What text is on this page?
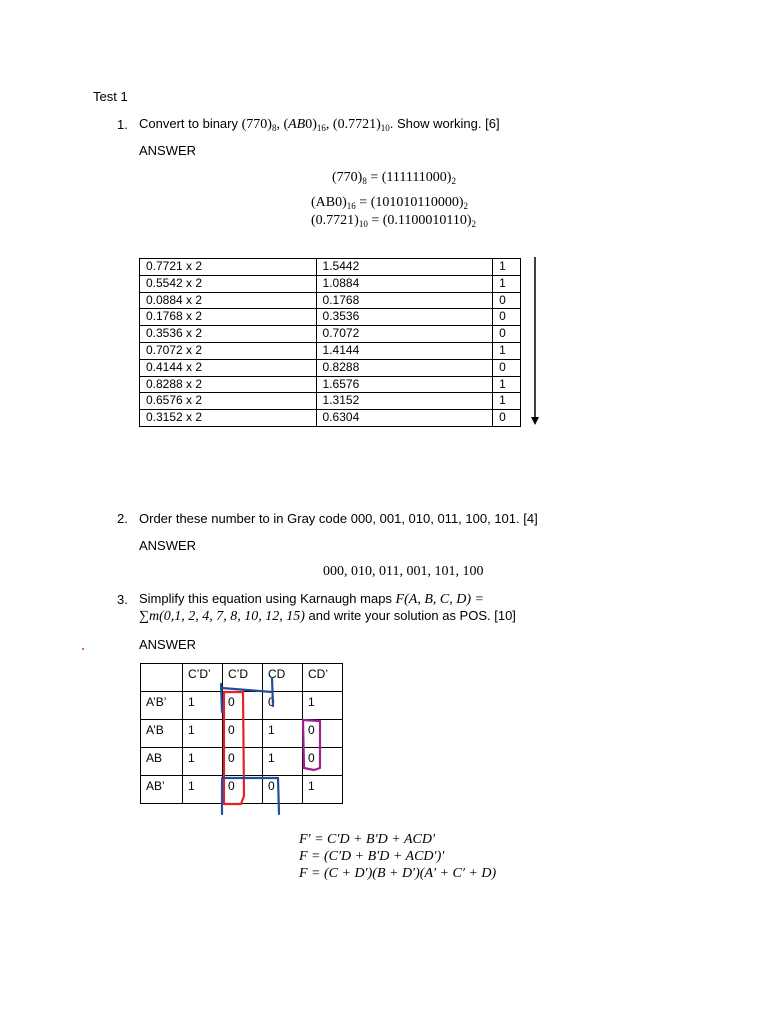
Test 1
1. Convert to binary $(770)_8$, $(AB0)_{16}$, $(0.7721)_{10}$. Show working. [6]
ANSWER
$(770)_8 = (111111000)_2$
$(AB0)_{16} = (101010110000)_2$
$(0.7721)_{10} = (0.1100010110)_2$
0.7721 x 2	1.5442	1
0.5542 x 2	1.0884	1
0.0884 x 2	0.1768	0
0.1768 x 2	0.3536	0
0.3536 x 2	0.7072	0
0.7072 x 2	1.4144	1
0.4144 x 2	0.8288	0
0.8288 x 2	1.6576	1
0.6576 x 2	1.3152	1
0.3152 x 2	0.6304	0
2. Order these number to in Gray code 000, 001, 010, 011, 100, 101. [4]
ANSWER
000, 010, 011, 001, 101, 100
3. Simplify this equation using Karnaugh maps F(A, B, C, D) =
∑m(0,1, 2, 4, 7, 8, 10, 12, 15) and write your solution as POS. [10]
ANSWER
	C’D’	C’D	CD	CD’
A’B’	1	0	0	1
A’B	1	0	1	0
AB	1	0	1	0
AB’	1	0	0	1
F′ = C′D + B′D + ACD′
F = (C′D + B′D + ACD′)′
F = (C + D′)(B + D′)(A′ + C′ + D)
